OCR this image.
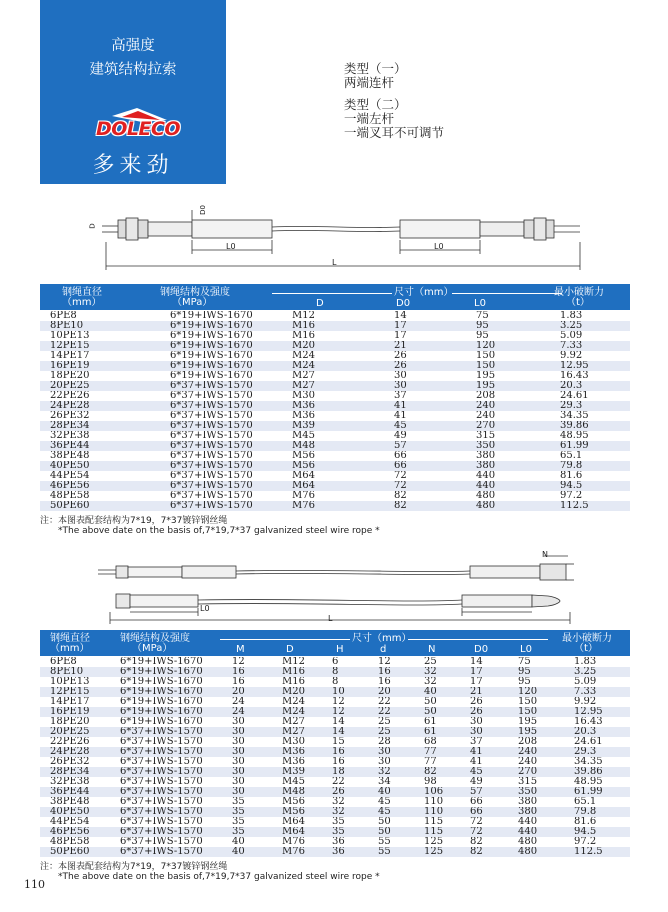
高强度
建筑结构拉索
DOLECO
多来劲
类型（一）
两端连杆
类型（二）
一端左杆
一端叉耳不可调节
D
D0
L0	L0
L
钢绳直径
（mm）
钢绳结构及强度
（MPa）
尺寸（mm）
D	D0	L0
最小破断力
（t）
6PE8	6*19+IWS-1670	M12	14	75	1.83
8PE10	6*19+IWS-1670	M16	17	95	3.25
10PE13	6*19+IWS-1670	M16	17	95	5.09
12PE15	6*19+IWS-1670	M20	21	120	7.33
14PE17	6*19+IWS-1670	M24	26	150	9.92
16PE19	6*19+IWS-1670	M24	26	150	12.95
18PE20	6*19+IWS-1670	M27	30	195	16.43
20PE25	6*37+IWS-1570	M27	30	195	20.3
22PE26	6*37+IWS-1570	M30	37	208	24.61
24PE28	6*37+IWS-1570	M36	41	240	29.3
26PE32	6*37+IWS-1570	M36	41	240	34.35
28PE34	6*37+IWS-1570	M39	45	270	39.86
32PE38	6*37+IWS-1570	M45	49	315	48.95
36PE44	6*37+IWS-1570	M48	57	350	61.99
38PE48	6*37+IWS-1570	M56	66	380	65.1
40PE50	6*37+IWS-1570	M56	66	380	79.8
44PE54	6*37+IWS-1570	M64	72	440	81.6
46PE56	6*37+IWS-1570	M64	72	440	94.5
48PE58	6*37+IWS-1570	M76	82	480	97.2
50PE60	6*37+IWS-1570	M76	82	480	112.5
注：本图表配套结构为7*19，7*37镀锌钢丝绳
*The above date on the basis of,7*19,7*37 galvanized steel wire rope *
N
L0
L
钢绳直径
（mm）
钢绳结构及强度
（MPa）
尺寸（mm）
M	D	H	d	N	D0	L0
最小破断力
（t）
6PE8	6*19+IWS-1670	12	M12	6	12	25	14	75	1.83
8PE10	6*19+IWS-1670	16	M16	8	16	32	17	95	3.25
10PE13	6*19+IWS-1670	16	M16	8	16	32	17	95	5.09
12PE15	6*19+IWS-1670	20	M20	10	20	40	21	120	7.33
14PE17	6*19+IWS-1670	24	M24	12	22	50	26	150	9.92
16PE19	6*19+IWS-1670	24	M24	12	22	50	26	150	12.95
18PE20	6*19+IWS-1670	30	M27	14	25	61	30	195	16.43
20PE25	6*37+IWS-1570	30	M27	14	25	61	30	195	20.3
22PE26	6*37+IWS-1570	30	M30	15	28	68	37	208	24.61
24PE28	6*37+IWS-1570	30	M36	16	30	77	41	240	29.3
26PE32	6*37+IWS-1570	30	M36	16	30	77	41	240	34.35
28PE34	6*37+IWS-1570	30	M39	18	32	82	45	270	39.86
32PE38	6*37+IWS-1570	30	M45	22	34	98	49	315	48.95
36PE44	6*37+IWS-1570	30	M48	26	40	106	57	350	61.99
38PE48	6*37+IWS-1570	35	M56	32	45	110	66	380	65.1
40PE50	6*37+IWS-1570	35	M56	32	45	110	66	380	79.8
44PE54	6*37+IWS-1570	35	M64	35	50	115	72	440	81.6
46PE56	6*37+IWS-1570	35	M64	35	50	115	72	440	94.5
48PE58	6*37+IWS-1570	40	M76	36	55	125	82	480	97.2
50PE60	6*37+IWS-1570	40	M76	36	55	125	82	480	112.5
注：本图表配套结构为7*19，7*37镀锌钢丝绳
*The above date on the basis of,7*19,7*37 galvanized steel wire rope *
110
